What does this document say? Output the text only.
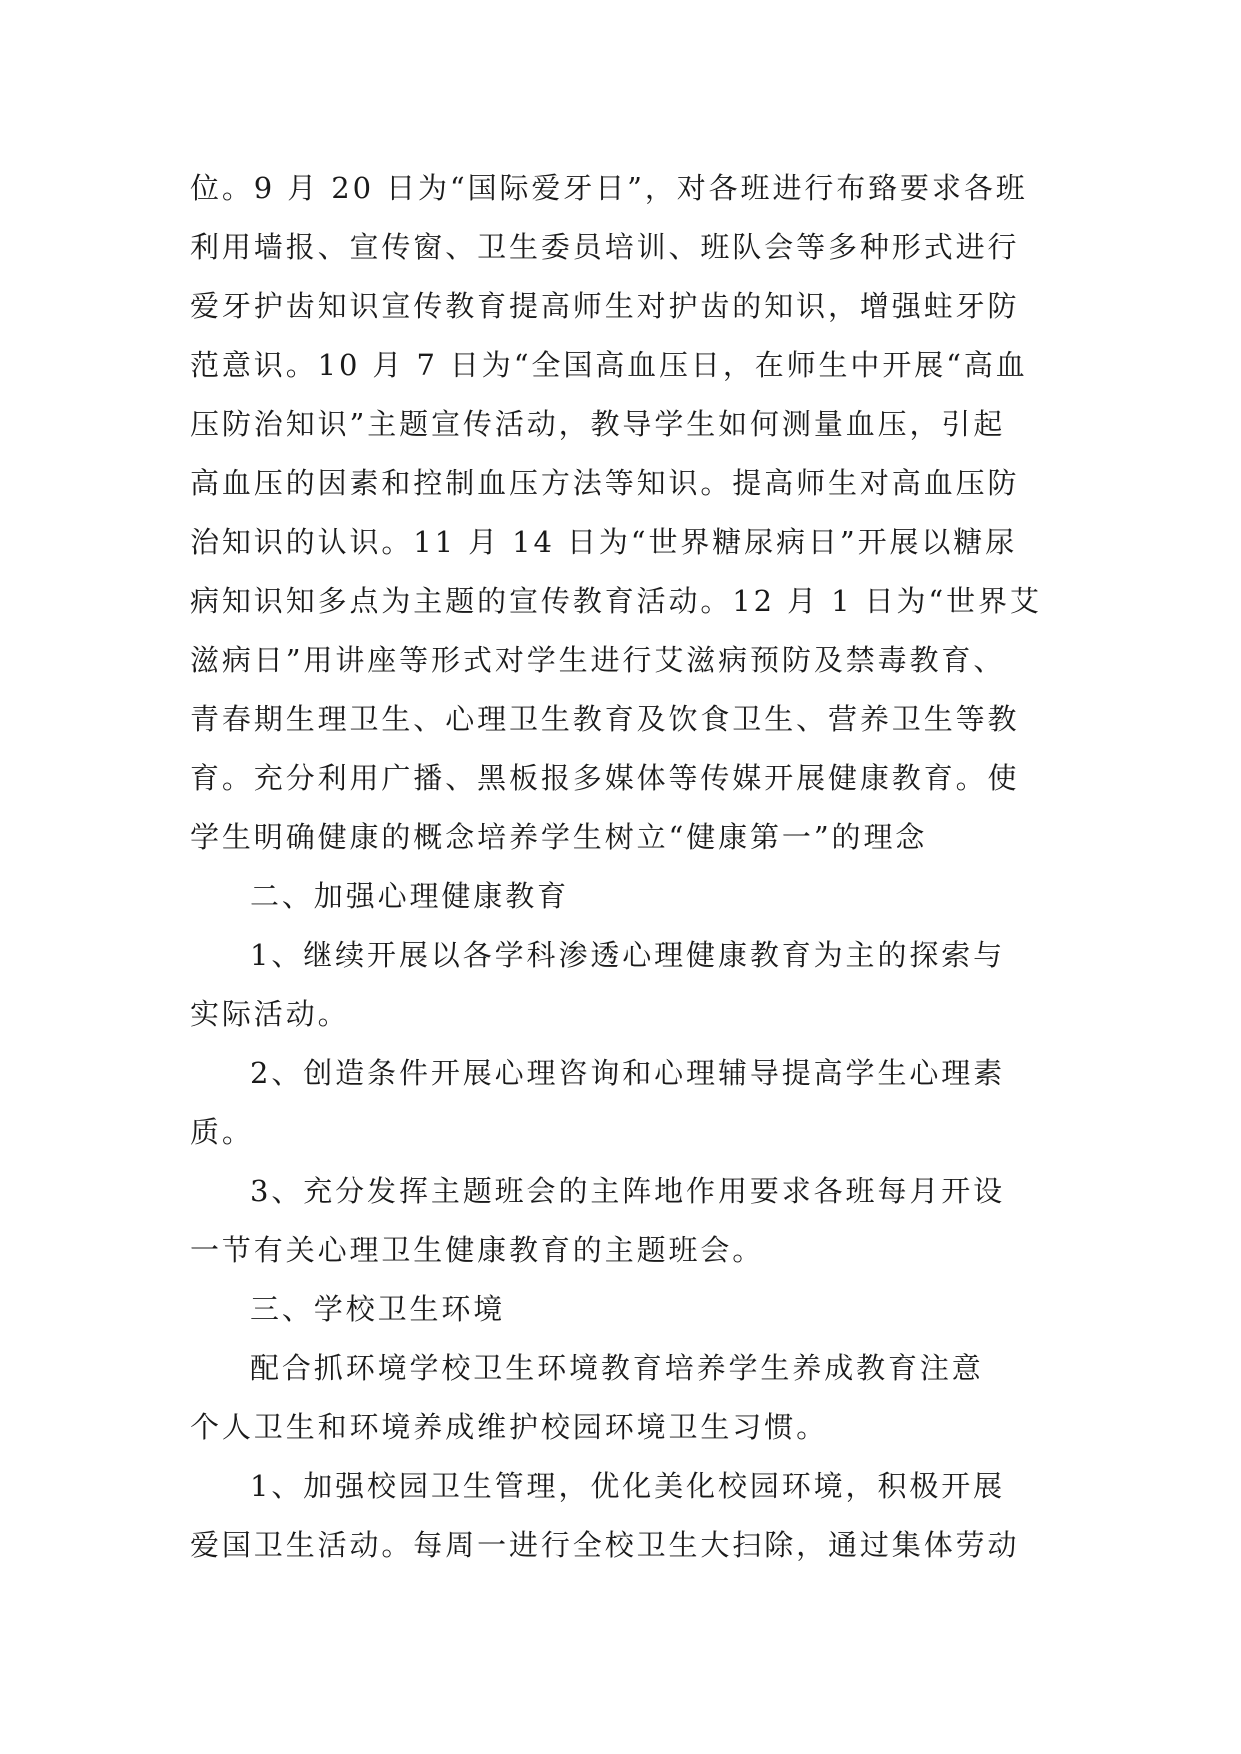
位。9 月 20 日为“国际爱牙日”，对各班进行布臵要求各班
利用墙报、宣传窗、卫生委员培训、班队会等多种形式进行
爱牙护齿知识宣传教育提高师生对护齿的知识，增强蛀牙防
范意识。10 月 7 日为“全国高血压日，在师生中开展“高血
压防治知识”主题宣传活动，教导学生如何测量血压，引起
高血压的因素和控制血压方法等知识。提高师生对高血压防
治知识的认识。11 月 14 日为“世界糖尿病日”开展以糖尿
病知识知多点为主题的宣传教育活动。12 月 1 日为“世界艾
滋病日”用讲座等形式对学生进行艾滋病预防及禁毒教育、
青春期生理卫生、心理卫生教育及饮食卫生、营养卫生等教
育。充分利用广播、黑板报多媒体等传媒开展健康教育。使
学生明确健康的概念培养学生树立“健康第一”的理念
二、加强心理健康教育
1、继续开展以各学科渗透心理健康教育为主的探索与
实际活动。
2、创造条件开展心理咨询和心理辅导提高学生心理素
质。
3、充分发挥主题班会的主阵地作用要求各班每月开设
一节有关心理卫生健康教育的主题班会。
三、学校卫生环境
配合抓环境学校卫生环境教育培养学生养成教育注意
个人卫生和环境养成维护校园环境卫生习惯。
1、加强校园卫生管理，优化美化校园环境，积极开展
爱国卫生活动。每周一进行全校卫生大扫除，通过集体劳动
